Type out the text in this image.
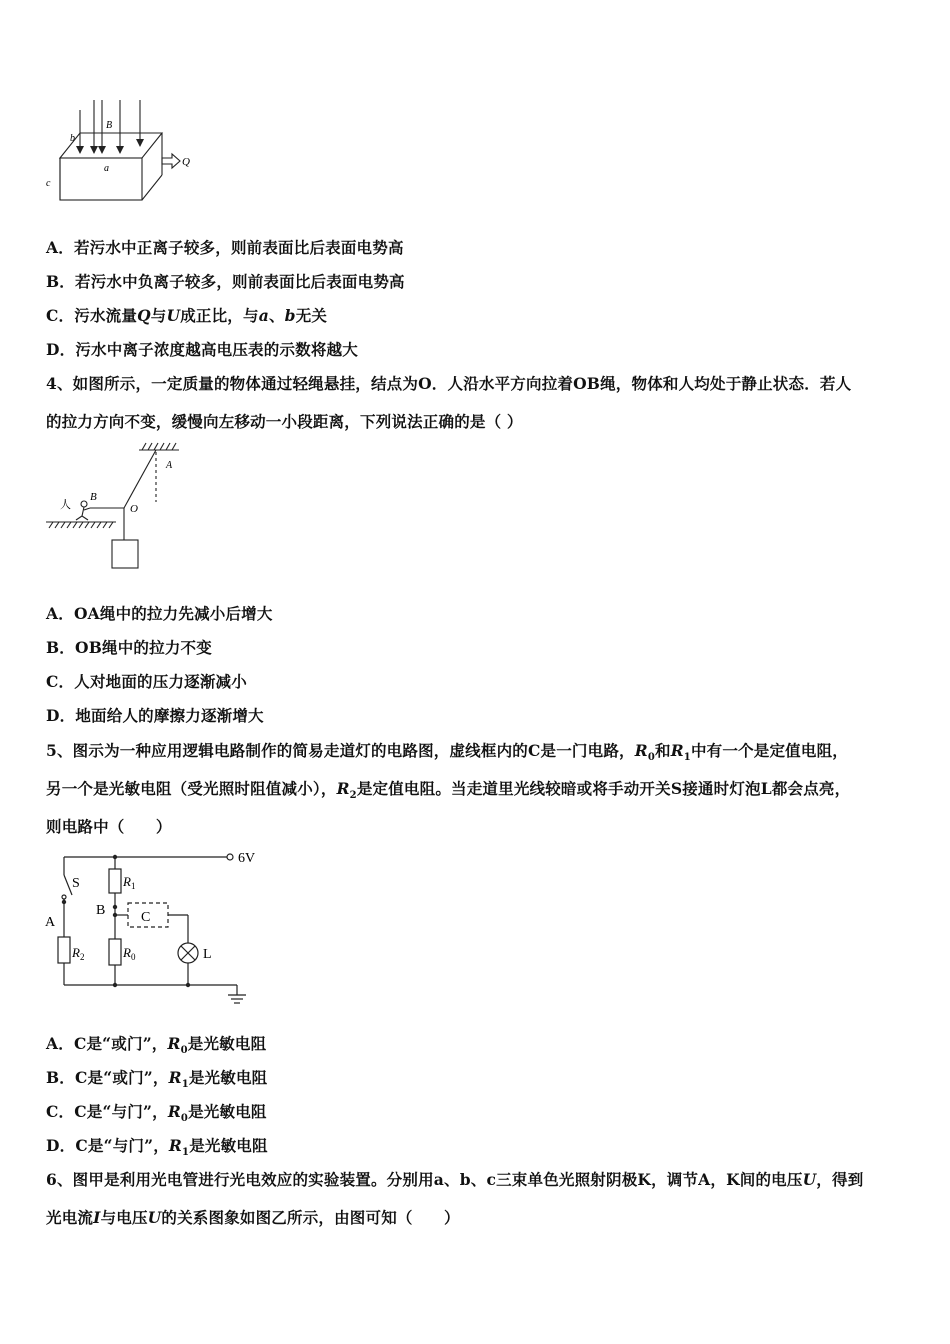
b
B
a
c
Q
A．若污水中正离子较多，则前表面比后表面电势高
B．若污水中负离子较多，则前表面比后表面电势高
C．污水流量Q与U成正比，与a、b无关
D．污水中离子浓度越高电压表的示数将越大
4、如图所示，一定质量的物体通过轻绳悬挂，结点为O．人沿水平方向拉着OB绳，物体和人均处于静止状态．若人
的拉力方向不变，缓慢向左移动一小段距离，下列说法正确的是（ ）
人
B
O
A
A．OA绳中的拉力先减小后增大
B．OB绳中的拉力不变
C．人对地面的压力逐渐减小
D．地面给人的摩擦力逐渐增大
5、图示为一种应用逻辑电路制作的简易走道灯的电路图，虚线框内的C是一门电路，$R_0$和$R_1$中有一个是定值电阻，
另一个是光敏电阻（受光照时阻值减小），$R_2$是定值电阻。当走道里光线较暗或将手动开关S接通时灯泡L都会点亮，
则电路中（　　）
6V
S
A
B	C
L
$R_1$
$R_2$	$R_0$
A．C是“或门”，$R_0$是光敏电阻
B．C是“或门”，$R_1$是光敏电阻
C．C是“与门”，$R_0$是光敏电阻
D．C是“与门”，$R_1$是光敏电阻
6、图甲是利用光电管进行光电效应的实验装置。分别用a、b、c三束单色光照射阴极K，调节A，K间的电压U，得到
光电流I与电压U的关系图象如图乙所示，由图可知（　　）
